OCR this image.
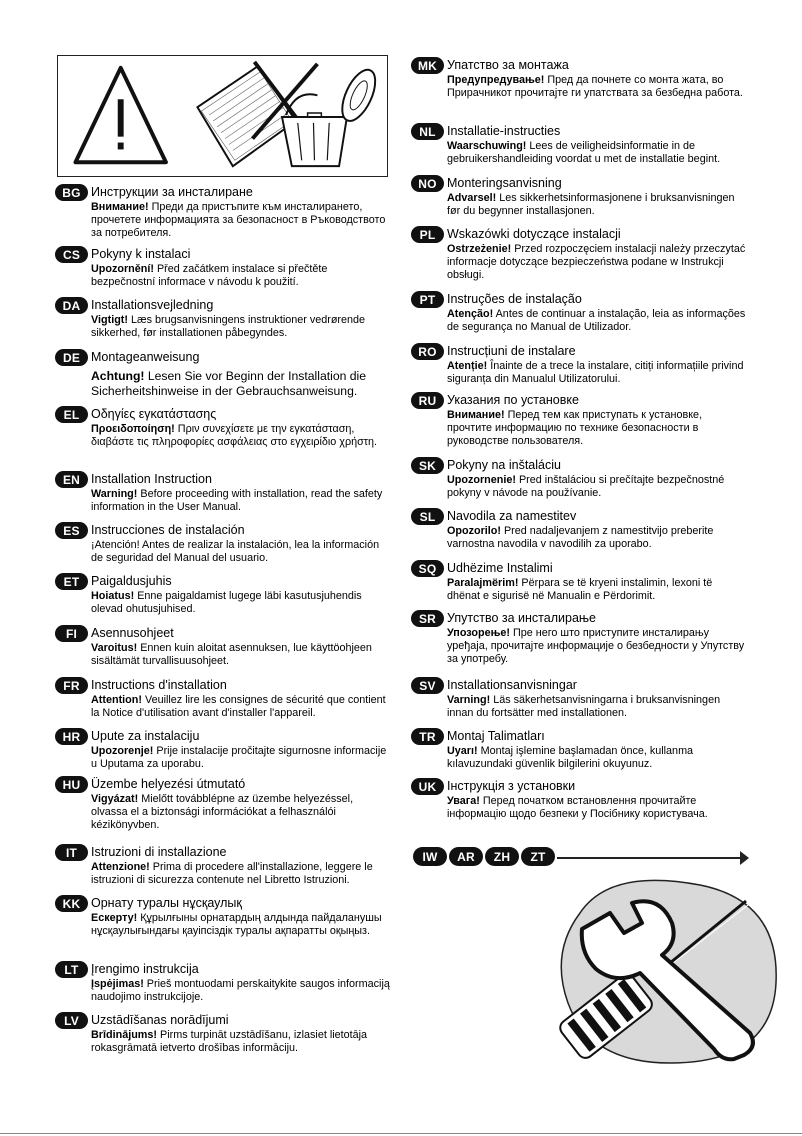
BG Инструкции за инсталиране
Внимание! Преди да пристъпите към инсталирането, прочетете информацията за безопасност в Ръководството за потребителя.
CS Pokyny k instalaci
Upozornění! Před začátkem instalace si přečtěte bezpečnostní informace v návodu k použití.
DA Installationsvejledning
Vigtigt! Læs brugsanvisningens instruktioner vedrørende sikkerhed, før installationen påbegyndes.
DE Montageanweisung
Achtung! Lesen Sie vor Beginn der Installation die Sicherheitshinweise in der Gebrauchsanweisung.
EL Οδηγίες εγκατάστασης
Προειδοποίηση! Πριν συνεχίσετε με την εγκατάσταση, διαβάστε τις πληροφορίες ασφάλειας στο εγχειρίδιο χρήστη.
EN Installation Instruction
Warning! Before proceeding with installation, read the safety information in the User Manual.
ES Instrucciones de instalación
¡Atención! Antes de realizar la instalación, lea la información de seguridad del Manual del usuario.
ET Paigaldusjuhis
Hoiatus! Enne paigaldamist lugege läbi kasutusjuhendis olevad ohutusjuhised.
FI	Asennusohjeet
Varoitus! Ennen kuin aloitat asennuksen, lue käyttöohjeen sisältämät turvallisuusohjeet.
FR Instructions d'installation
Attention! Veuillez lire les consignes de sécurité que contient la Notice d'utilisation avant d'installer l'appareil.
HR Upute za instalaciju
Upozorenje! Prije instalacije pročitajte sigurnosne informacije u Uputama za uporabu.
HU Üzembe helyezési útmutató
Vigyázat! Mielőtt továbblépne az üzembe helyezéssel, olvassa el a biztonsági információkat a felhasználói kézikönyvben.
IT	Istruzioni di installazione
Attenzione! Prima di procedere all'installazione, leggere le istruzioni di sicurezza contenute nel Libretto Istruzioni.
KK Орнату туралы нұсқаулық
Ескерту! Құрылғыны орнатардың алдында пайдаланушы нұсқаулығындағы қауіпсіздік туралы ақпаратты оқыңыз.
LT Įrengimo instrukcija
Įspėjimas! Prieš montuodami perskaitykite saugos informaciją naudojimo instrukcijoje.
LV Uzstādīšanas norādījumi
Brīdinājums! Pirms turpināt uzstādīšanu, izlasiet lietotāja rokasgrāmatā ietverto drošības informāciju.
MK Упатство за монтажа
Предупредување! Пред да почнете со монта жата, во Прирачникот прочитајте ги упатствата за безбедна работа.
NL Installatie-instructies
Waarschuwing! Lees de veiligheidsinformatie in de gebruikershandleiding voordat u met de installatie begint.
NO Monteringsanvisning
Advarsel! Les sikkerhetsinformasjonene i bruksanvisningen før du begynner installasjonen.
PL Wskazówki dotyczące instalacji
Ostrzeżenie! Przed rozpoczęciem instalacji należy przeczytać informacje dotyczące bezpieczeństwa podane w Instrukcji obsługi.
PT Instruções de instalação
Atenção! Antes de continuar a instalação, leia as informações de segurança no Manual de Utilizador.
RO Instrucțiuni de instalare
Atenție! Înainte de a trece la instalare, citiți informațiile privind siguranța din Manualul Utilizatorului.
RU Указания по установке
Внимание! Перед тем как приступать к установке, прочтите информацию по технике безопасности в руководстве пользователя.
SK Pokyny na inštaláciu
Upozornenie! Pred inštaláciou si prečítajte bezpečnostné pokyny v návode na používanie.
SL Navodila za namestitev
Opozorilo! Pred nadaljevanjem z namestitvijo preberite varnostna navodila v navodilih za uporabo.
SQ Udhëzime Instalimi
Paralajmërim! Përpara se të kryeni instalimin, lexoni të dhënat e sigurisë në Manualin e Përdorimit.
SR Упутство за инсталирање
Упозорење! Пре него што приступите инсталирању уређаја, прочитајте информације о безбедности у Упутству за употребу.
SV Installationsanvisningar
Varning! Läs säkerhetsanvisningarna i bruksanvisningen innan du fortsätter med installationen.
TR Montaj Talimatları
Uyarı! Montaj işlemine başlamadan önce, kullanma kılavuzundaki güvenlik bilgilerini okuyunuz.
UK Інструкція з установки
Увага! Перед початком встановлення прочитайте інформацію щодо безпеки у Посібнику користувача.
IW	AR	ZH	ZT
